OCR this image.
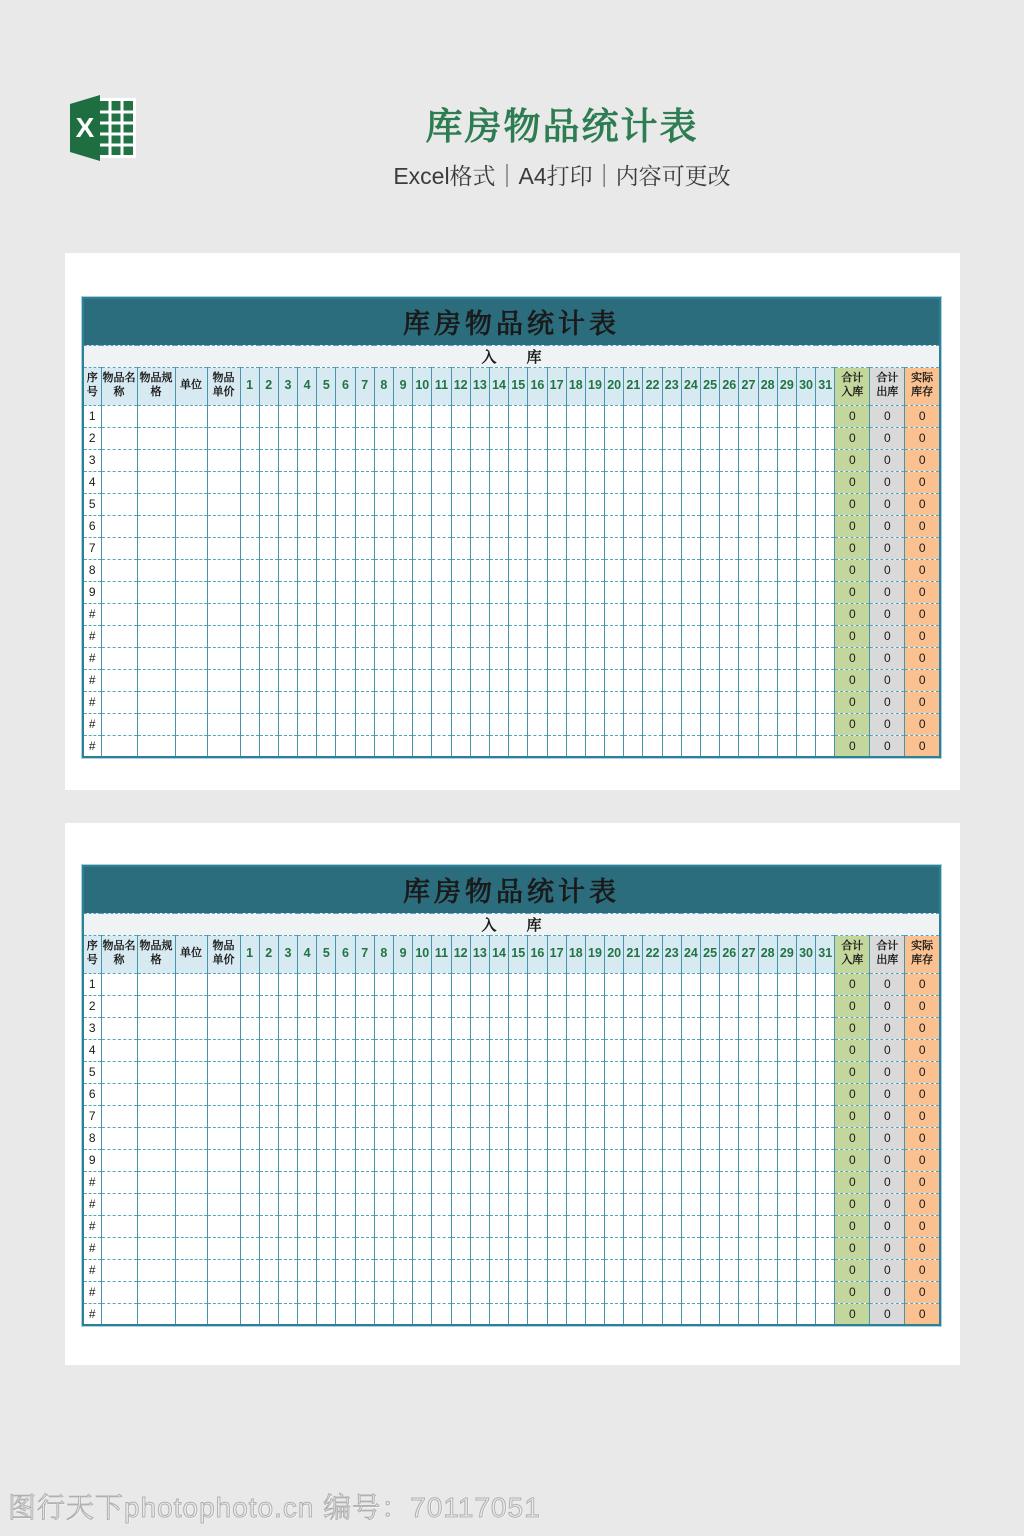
X	库房物品统计表
Excel格式｜A4打印｜内容可更改
库房物品统计表																																						
入　　库																																						
序号	物品名称	物品规格	单位	物品单价	1	2	3	4	5	6	7	8	9	10	11	12	13	14	15	16	17	18	19	20	21	22	23	24	25	26	27	28	29	30	31	合计入库	合计出库	实际库存
1																																				0	0	0
2																																				0	0	0
3																																				0	0	0
4																																				0	0	0
5																																				0	0	0
6																																				0	0	0
7																																				0	0	0
8																																				0	0	0
9																																				0	0	0
#																																				0	0	0
#																																				0	0	0
#																																				0	0	0
#																																				0	0	0
#																																				0	0	0
#																																				0	0	0
#																																				0	0	0
库房物品统计表																																						
入　　库																																						
序号	物品名称	物品规格	单位	物品单价	1	2	3	4	5	6	7	8	9	10	11	12	13	14	15	16	17	18	19	20	21	22	23	24	25	26	27	28	29	30	31	合计入库	合计出库	实际库存
1																																				0	0	0
2																																				0	0	0
3																																				0	0	0
4																																				0	0	0
5																																				0	0	0
6																																				0	0	0
7																																				0	0	0
8																																				0	0	0
9																																				0	0	0
#																																				0	0	0
#																																				0	0	0
#																																				0	0	0
#																																				0	0	0
#																																				0	0	0
#																																				0	0	0
#																																				0	0	0
图行天下photophoto.cn 编号：70117051
